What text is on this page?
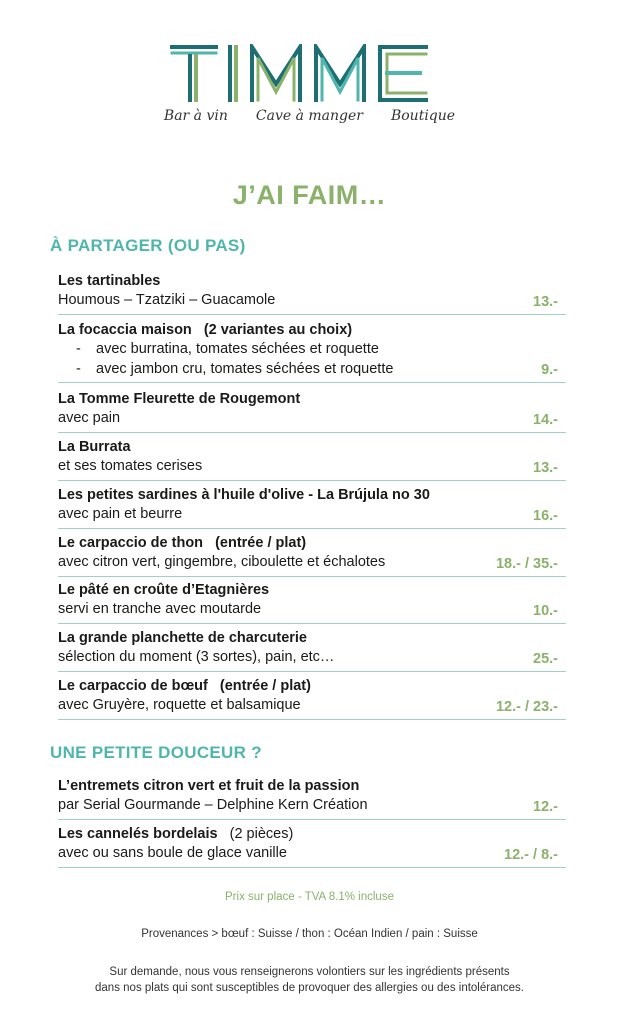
Bar à vin Cave à manger Boutique
J’AI FAIM…
À PARTAGER (OU PAS)
Les tartinables
Houmous – Tzatziki – Guacamole	13.-
La focaccia maison (2 variantes au choix)
- avec burratina, tomates séchées et roquette
- avec jambon cru, tomates séchées et roquette	9.-
La Tomme Fleurette de Rougemont
avec pain	14.-
La Burrata
et ses tomates cerises	13.-
Les petites sardines à l'huile d'olive - La Brújula no 30
avec pain et beurre	16.-
Le carpaccio de thon (entrée / plat)
avec citron vert, gingembre, ciboulette et échalotes	18.- / 35.-
Le pâté en croûte d’Etagnières
servi en tranche avec moutarde	10.-
La grande planchette de charcuterie
sélection du moment (3 sortes), pain, etc…	25.-
Le carpaccio de bœuf (entrée / plat)
avec Gruyère, roquette et balsamique	12.- / 23.-
UNE PETITE DOUCEUR ?
L’entremets citron vert et fruit de la passion
par Serial Gourmande – Delphine Kern Création	12.-
Les cannelés bordelais (2 pièces)
avec ou sans boule de glace vanille	12.- / 8.-
Prix sur place - TVA 8.1% incluse
Provenances > bœuf : Suisse / thon : Océan Indien / pain : Suisse
Sur demande, nous vous renseignerons volontiers sur les ingrédients présents
dans nos plats qui sont susceptibles de provoquer des allergies ou des intolérances.
